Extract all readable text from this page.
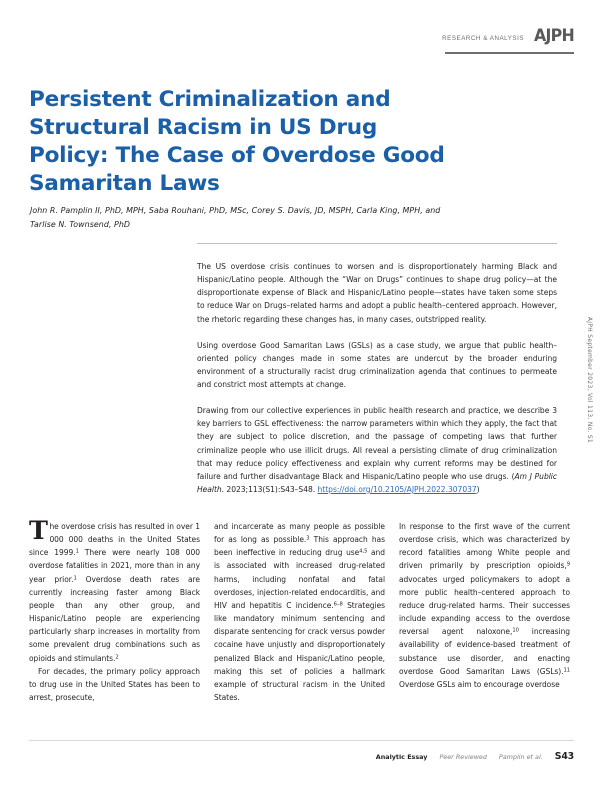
RESEARCH & ANALYSIS AJPH
Persistent Criminalization and Structural Racism in US Drug Policy: The Case of Overdose Good Samaritan Laws
John R. Pamplin II, PhD, MPH, Saba Rouhani, PhD, MSc, Corey S. Davis, JD, MSPH, Carla King, MPH, and
Tarlise N. Townsend, PhD

The US overdose crisis continues to worsen and is disproportionately harming Black and Hispanic/Latino people. Although the “War on Drugs” continues to shape drug policy—at the disproportionate expense of Black and Hispanic/Latino people—states have taken some steps to reduce War on Drugs–related harms and adopt a public health–centered approach. However, the rhetoric regarding these changes has, in many cases, outstripped reality.

Using overdose Good Samaritan Laws (GSLs) as a case study, we argue that public health–oriented policy changes made in some states are undercut by the broader enduring environment of a structurally racist drug criminalization agenda that continues to permeate and constrict most attempts at change.

Drawing from our collective experiences in public health research and practice, we describe 3 key barriers to GSL effectiveness: the narrow parameters within which they apply, the fact that they are subject to police discretion, and the passage of competing laws that further criminalize people who use illicit drugs. All reveal a persisting climate of drug criminalization that may reduce policy effectiveness and explain why current reforms may be destined for failure and further disadvantage Black and Hispanic/Latino people who use drugs. (Am J Public Health. 2023;113(S1):S43–S48. https://doi.org/10.2105/AJPH.2022.307037)

T he overdose crisis has resulted in over 1 000 000 deaths in the United States since 1999.$^1$ There were nearly 108 000 overdose fatalities in 2021, more than in any year prior.$^1$ Overdose death rates are currently increasing faster among Black people than any other group, and Hispanic/Latino people are experiencing particularly sharp increases in mortality from some prevalent drug combinations such as opioids and stimulants.$^2$

For decades, the primary policy approach to drug use in the United States has been to arrest, prosecute,

and incarcerate as many people as possible for as long as possible.$^3$ This approach has been ineffective in reducing drug use$^{4,5}$ and is associated with increased drug-related harms, including nonfatal and fatal overdoses, injection-related endocarditis, and HIV and hepatitis C incidence.$^{6-8}$ Strategies like mandatory minimum sentencing and disparate sentencing for crack versus powder cocaine have unjustly and disproportionately penalized Black and Hispanic/Latino people, making this set of policies a hallmark example of structural racism in the United States.

In response to the first wave of the current overdose crisis, which was characterized by record fatalities among White people and driven primarily by prescription opioids,$^9$ advocates urged policymakers to adopt a more public health–centered approach to reduce drug-related harms. Their successes include expanding access to the overdose reversal agent naloxone,$^{10}$ increasing availability of evidence-based treatment of substance use disorder, and enacting overdose Good Samaritan Laws (GSLs).$^{11}$ Overdose GSLs aim to encourage overdose

AJPH September 2023, Vol 113, No. S1
Analytic Essay Peer Reviewed Pamplin et al. S43
